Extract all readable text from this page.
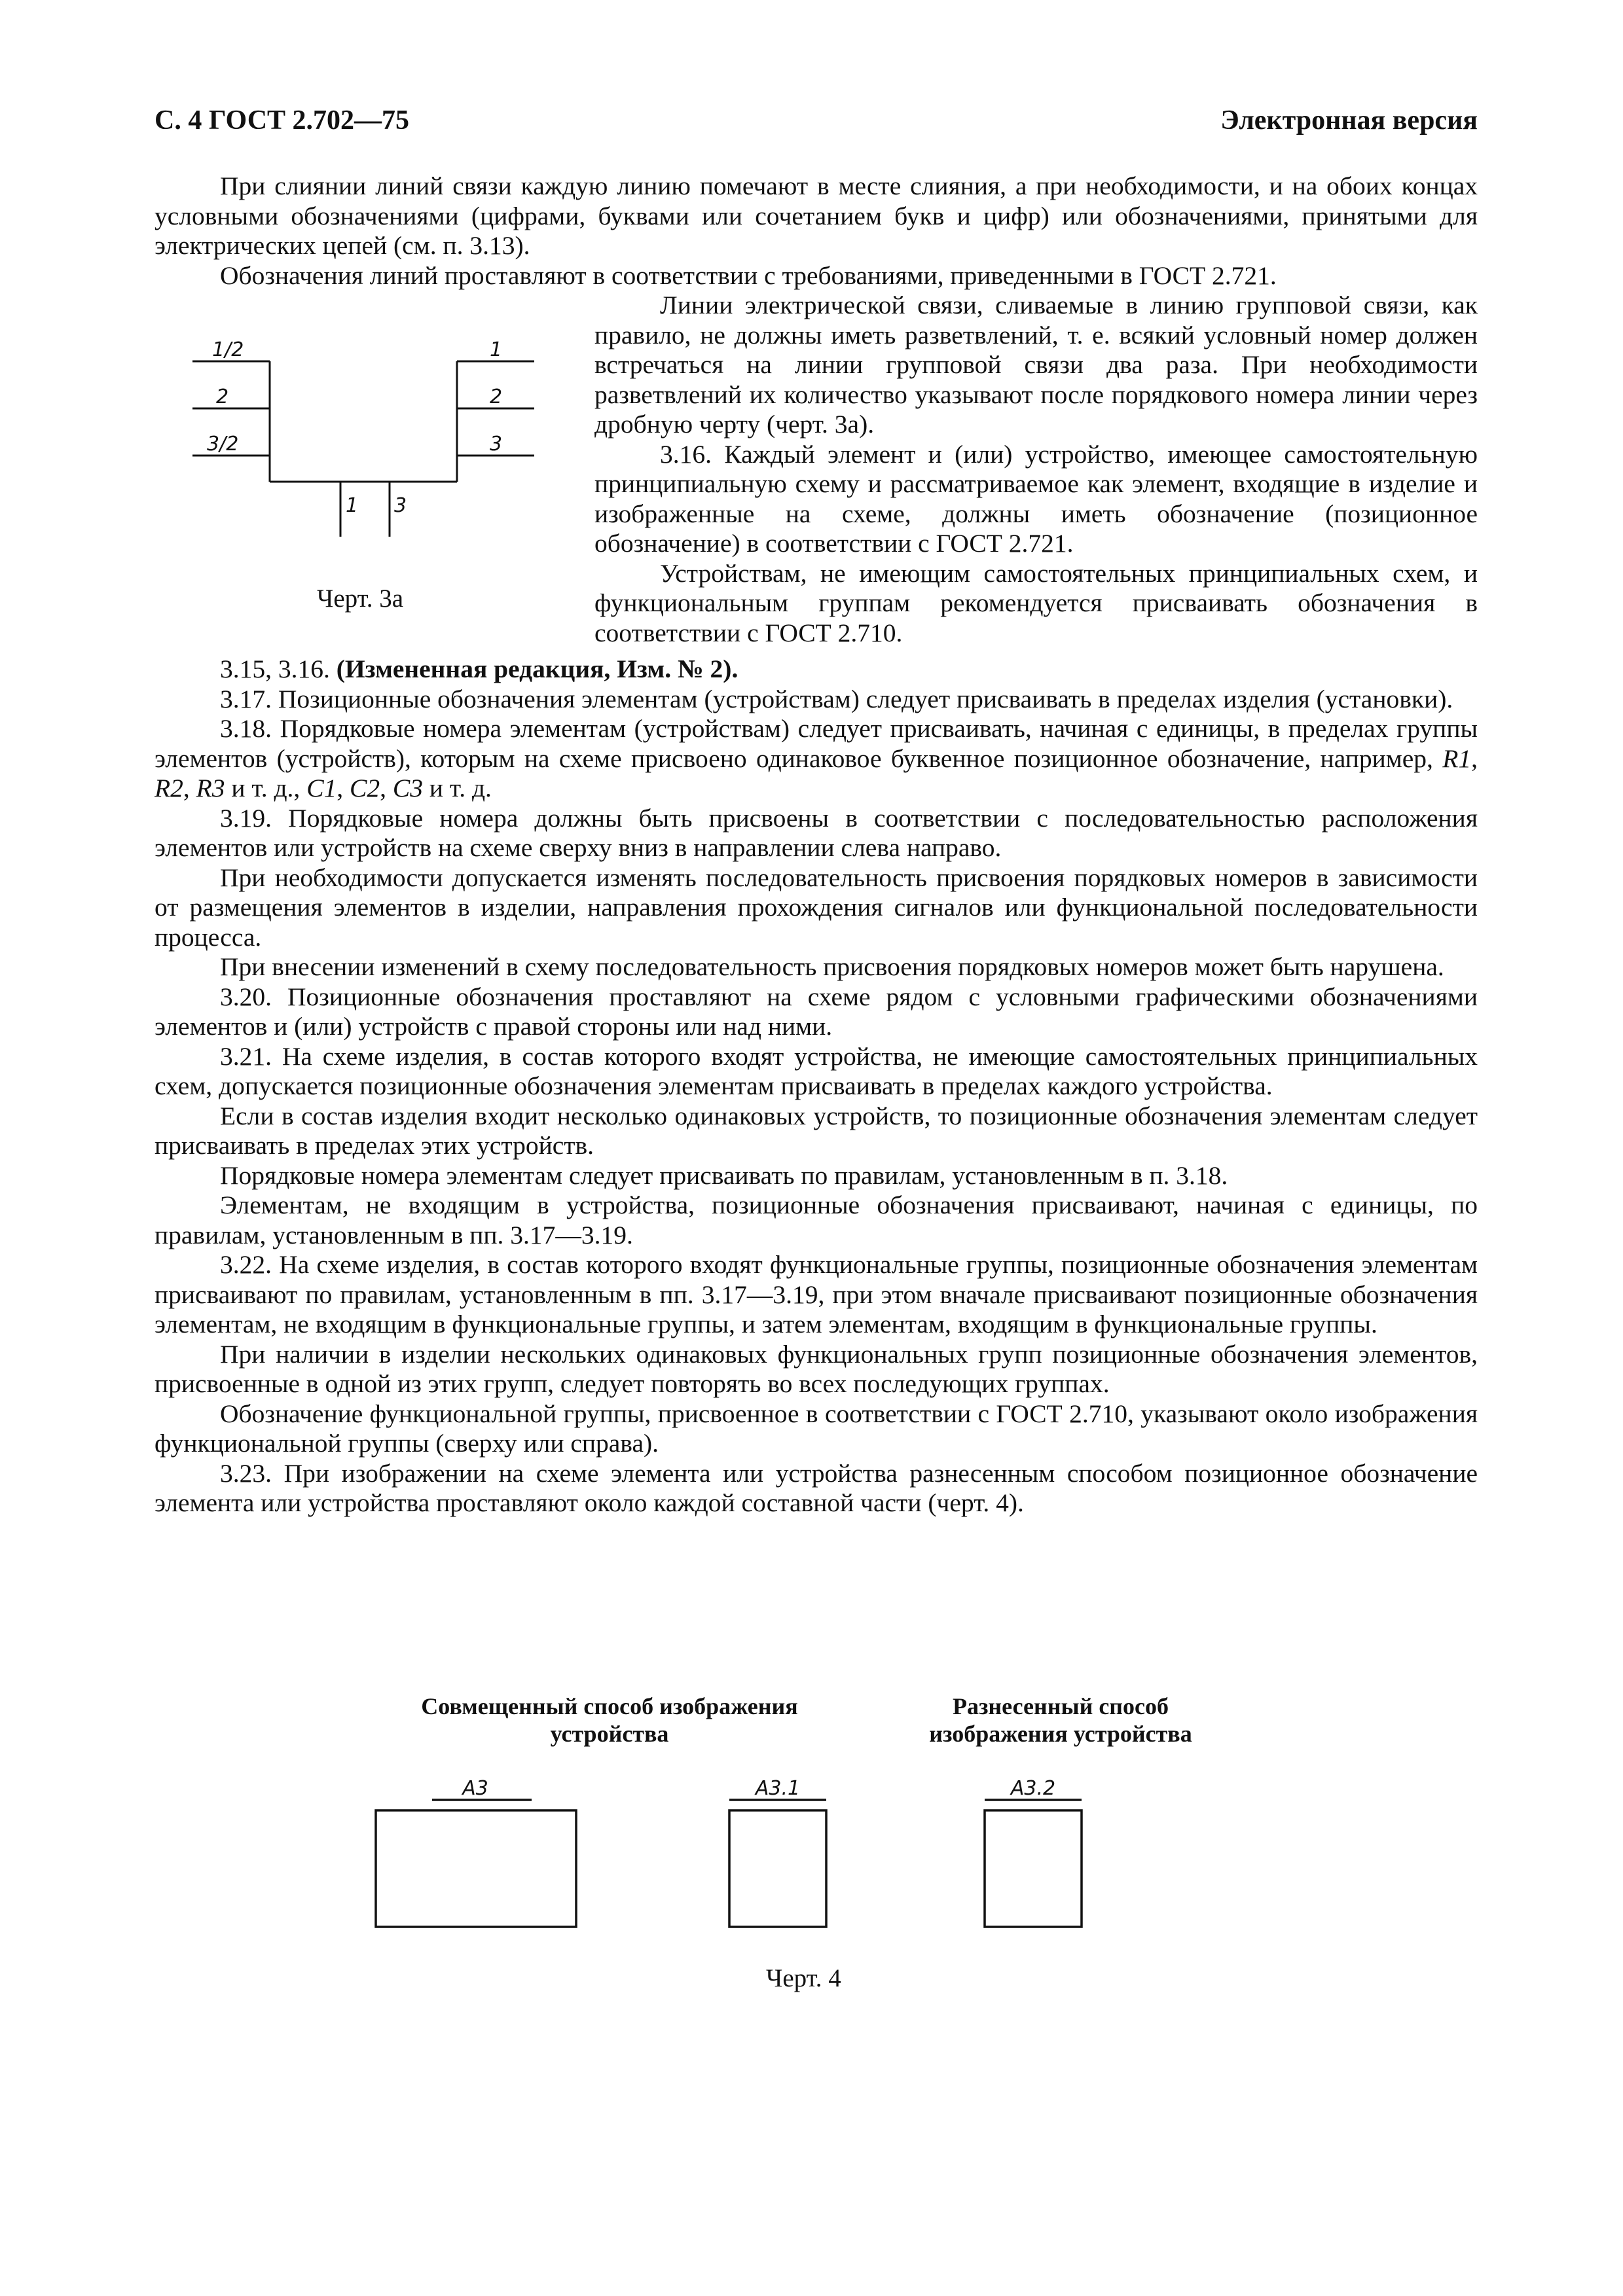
С. 4 ГОСТ 2.702—75	Электронная версия

При слиянии линий связи каждую линию помечают в месте слияния, а при необходимости, и на обоих концах условными обозначениями (цифрами, буквами или сочетанием букв и цифр) или обозначениями, принятыми для электрических цепей (см. п. 3.13).

Обозначения линий проставляют в соответствии с требованиями, приведенными в ГОСТ 2.721.

1/2
2
3/2
1
2
3
1 3
Черт. 3а

Линии электрической связи, сливаемые в линию групповой связи, как правило, не должны иметь разветвлений, т. е. всякий условный номер должен встречаться на линии групповой связи два раза. При необходимости разветвлений их количество указывают после порядкового номера линии через дробную черту (черт. 3а).

3.16. Каждый элемент и (или) устройство, имеющее самостоятельную принципиальную схему и рассматриваемое как элемент, входящие в изделие и изображенные на схеме, должны иметь обозначение (позиционное обозначение) в соответствии с ГОСТ 2.721.

Устройствам, не имеющим самостоятельных принципиальных схем, и функциональным группам рекомендуется присваивать обозначения в соответствии с ГОСТ 2.710.

3.15, 3.16. (Измененная редакция, Изм. № 2).

3.17. Позиционные обозначения элементам (устройствам) следует присваивать в пределах изделия (установки).

3.18. Порядковые номера элементам (устройствам) следует присваивать, начиная с единицы, в пределах группы элементов (устройств), которым на схеме присвоено одинаковое буквенное позиционное обозначение, например, R1, R2, R3 и т. д., C1, C2, C3 и т. д.

3.19. Порядковые номера должны быть присвоены в соответствии с последовательностью расположения элементов или устройств на схеме сверху вниз в направлении слева направо.

При необходимости допускается изменять последовательность присвоения порядковых номеров в зависимости от размещения элементов в изделии, направления прохождения сигналов или функциональной последовательности процесса.

При внесении изменений в схему последовательность присвоения порядковых номеров может быть нарушена.

3.20. Позиционные обозначения проставляют на схеме рядом с условными графическими обозначениями элементов и (или) устройств с правой стороны или над ними.

3.21. На схеме изделия, в состав которого входят устройства, не имеющие самостоятельных принципиальных схем, допускается позиционные обозначения элементам присваивать в пределах каждого устройства.

Если в состав изделия входит несколько одинаковых устройств, то позиционные обозначения элементам следует присваивать в пределах этих устройств.

Порядковые номера элементам следует присваивать по правилам, установленным в п. 3.18.

Элементам, не входящим в устройства, позиционные обозначения присваивают, начиная с единицы, по правилам, установленным в пп. 3.17—3.19.

3.22. На схеме изделия, в состав которого входят функциональные группы, позиционные обозначения элементам присваивают по правилам, установленным в пп. 3.17—3.19, при этом вначале присваивают позиционные обозначения элементам, не входящим в функциональные группы, и затем элементам, входящим в функциональные группы.

При наличии в изделии нескольких одинаковых функциональных групп позиционные обозначения элементов, присвоенные в одной из этих групп, следует повторять во всех последующих группах.

Обозначение функциональной группы, присвоенное в соответствии с ГОСТ 2.710, указывают около изображения функциональной группы (сверху или справа).

3.23. При изображении на схеме элемента или устройства разнесенным способом позиционное обозначение элемента или устройства проставляют около каждой составной части (черт. 4).

Совмещенный способ изображения
устройства
Разнесенный способ
изображения устройства
А3	А3.1	А3.2
Черт. 4
